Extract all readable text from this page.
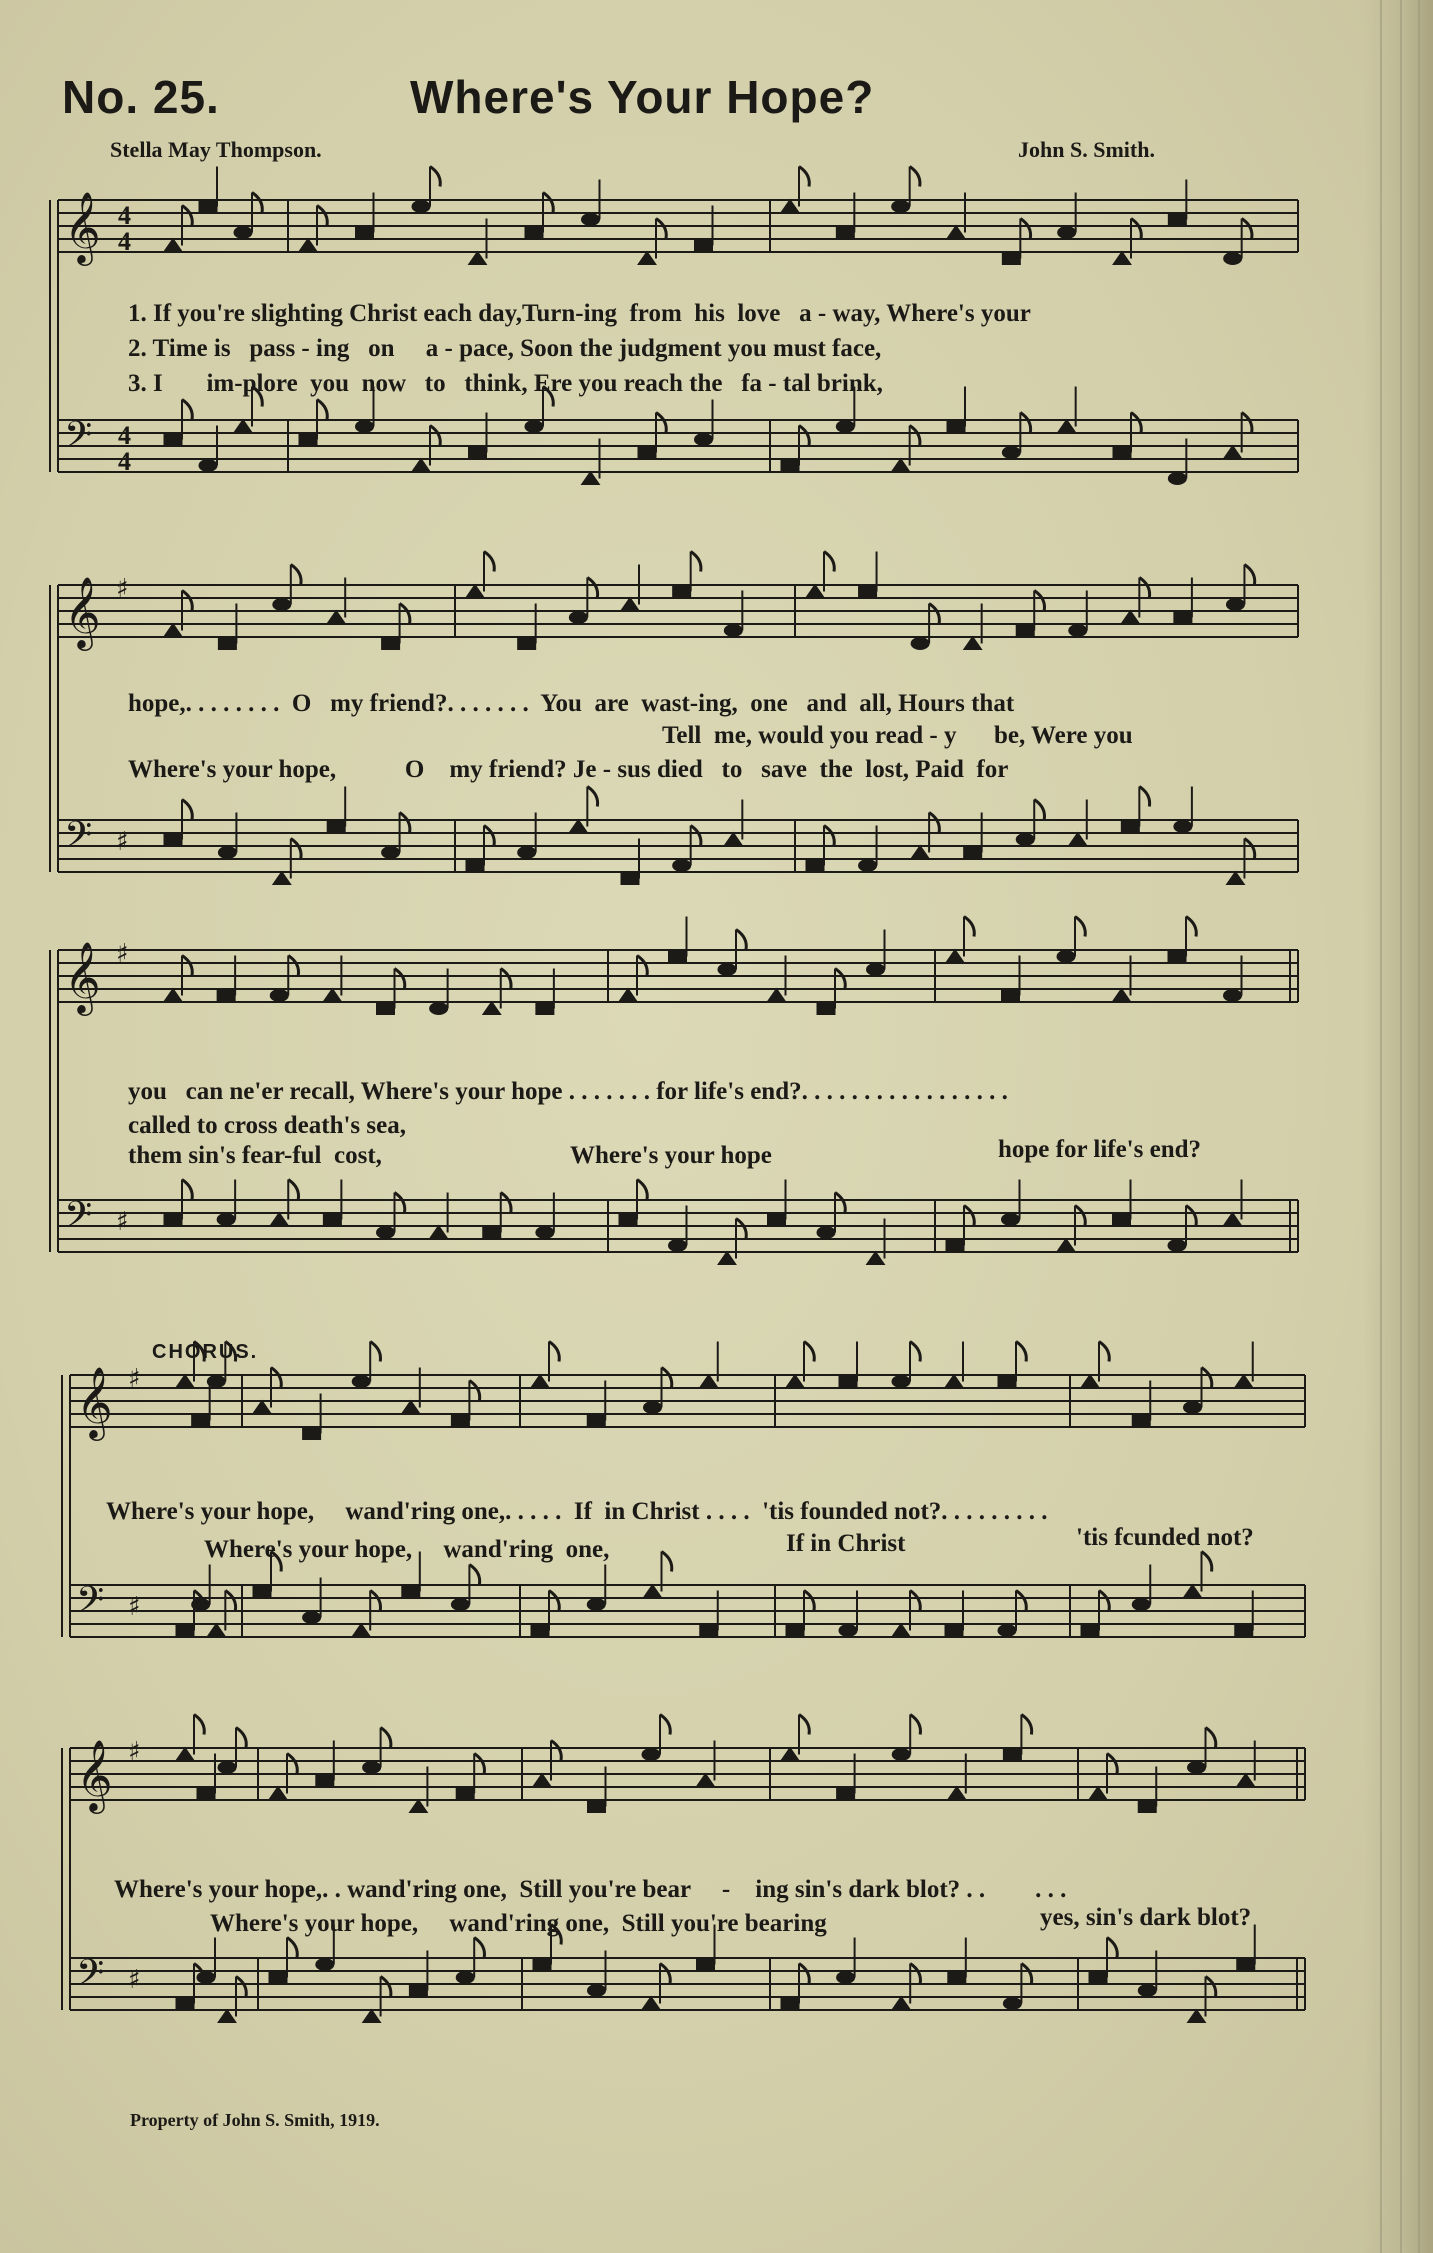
No. 25.	Where's Your Hope?
Stella May Thompson.	John S. Smith.
𝄞 4
4
𝄢 4
4
𝄞 ♯
𝄢 ♯
𝄞 ♯
𝄢 ♯
𝄞 ♯
𝄢 ♯
𝄞 ♯
𝄢 ♯
1. If you're slighting Christ each day,Turn-ing  from  his  love   a - way, Where's your
2. Time is   pass - ing   on     a - pace, Soon the judgment you must face,
3. I       im-plore  you  now   to   think, Ere you reach the   fa - tal brink,
hope,. . . . . . . .  O   my friend?. . . . . . .  You  are  wast-ing,  one   and  all, Hours that
Tell  me, would you read - y      be, Were you
Where's your hope,           O    my friend? Je - sus died   to   save  the  lost, Paid  for
you   can ne'er recall, Where's your hope . . . . . . . for life's end?. . . . . . . . . . . . . . . . .
called to cross death's sea,
them sin's fear-ful  cost,	Where's your hope	hope for life's end?
CHORUS.
Where's your hope,     wand'ring one,. . . . .  If  in Christ . . . .  'tis founded not?. . . . . . . . .
Where's your hope,     wand'ring  one,	If in Christ	'tis fcunded not?
Where's your hope,. . wand'ring one,  Still you're bear     -    ing sin's dark blot? . .        . . .
Where's your hope,     wand'ring one,  Still you're bearing	yes, sin's dark blot?
Property of John S. Smith, 1919.
